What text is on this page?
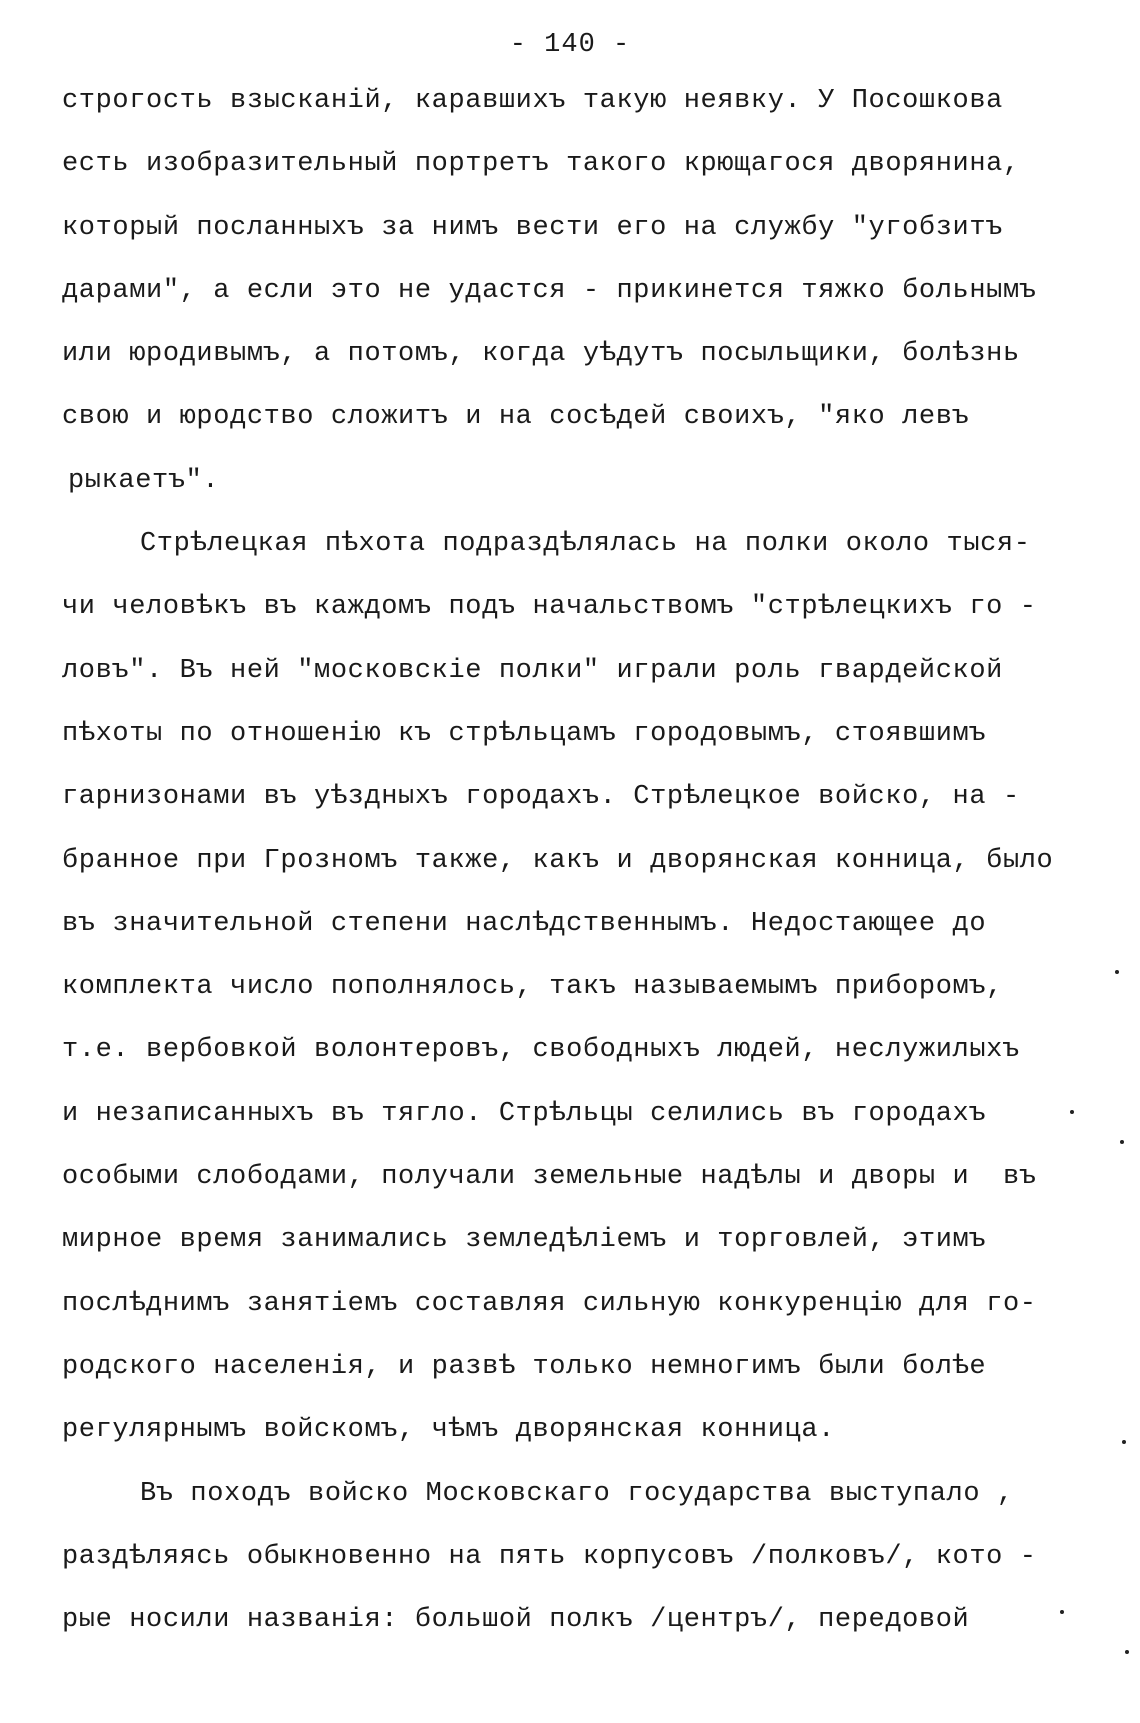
- 140 -
строгость взысканій, каравшихъ такую неявку. У Посошкова
есть изобразительный портретъ такого крющагося дворянина,
который посланныхъ за нимъ вести его на службу "угобзитъ
дарами", а если это не удастся - прикинется тяжко больнымъ
или юродивымъ, а потомъ, когда уѣдутъ посыльщики, болѣзнь
свою и юродство сложитъ и на сосѣдей своихъ, "яко левъ
рыкаетъ".
Стрѣлецкая пѣхота подраздѣлялась на полки около тыся-
чи человѣкъ въ каждомъ подъ начальствомъ "стрѣлецкихъ го -
ловъ". Въ ней "московскіе полки" играли роль гвардейской
пѣхоты по отношенію къ стрѣльцамъ городовымъ, стоявшимъ
гарнизонами въ уѣздныхъ городахъ. Стрѣлецкое войско, на -
бранное при Грозномъ также, какъ и дворянская конница, было
въ значительной степени наслѣдственнымъ. Недостающее до
комплекта число пополнялось, такъ называемымъ приборомъ,
т.е. вербовкой волонтеровъ, свободныхъ людей, неслужилыхъ
и незаписанныхъ въ тягло. Стрѣльцы селились въ городахъ
особыми слободами, получали земельные надѣлы и дворы и  въ
мирное время занимались земледѣліемъ и торговлей, этимъ
послѣднимъ занятіемъ составляя сильную конкуренцію для го-
родского населенія, и развѣ только немногимъ были болѣе
регулярнымъ войскомъ, чѣмъ дворянская конница.
Въ походъ войско Московскаго государства выступало ,
раздѣляясь обыкновенно на пять корпусовъ /полковъ/, кото -
рые носили названія: большой полкъ /центръ/, передовой
